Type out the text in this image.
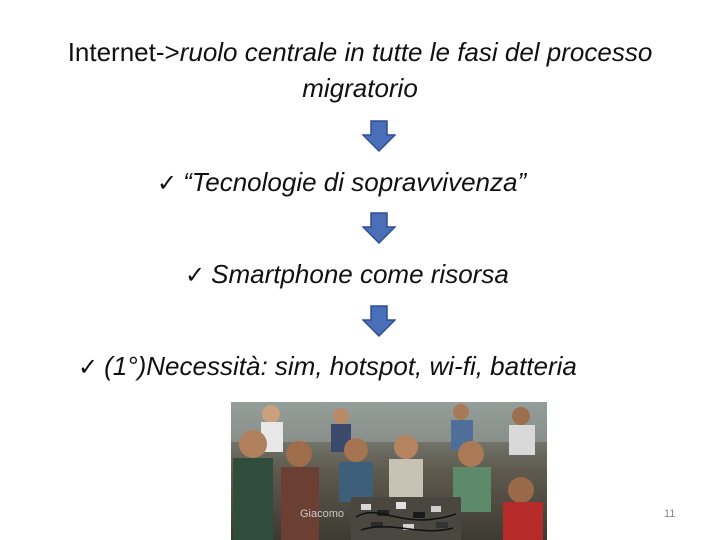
Internet->ruolo centrale in tutte le fasi del processo migratorio
✓ “Tecnologie di sopravvivenza”
✓ Smartphone come risorsa
✓ (1°)Necessità: sim, hotspot, wi-fi, batteria
Giacomo	11
